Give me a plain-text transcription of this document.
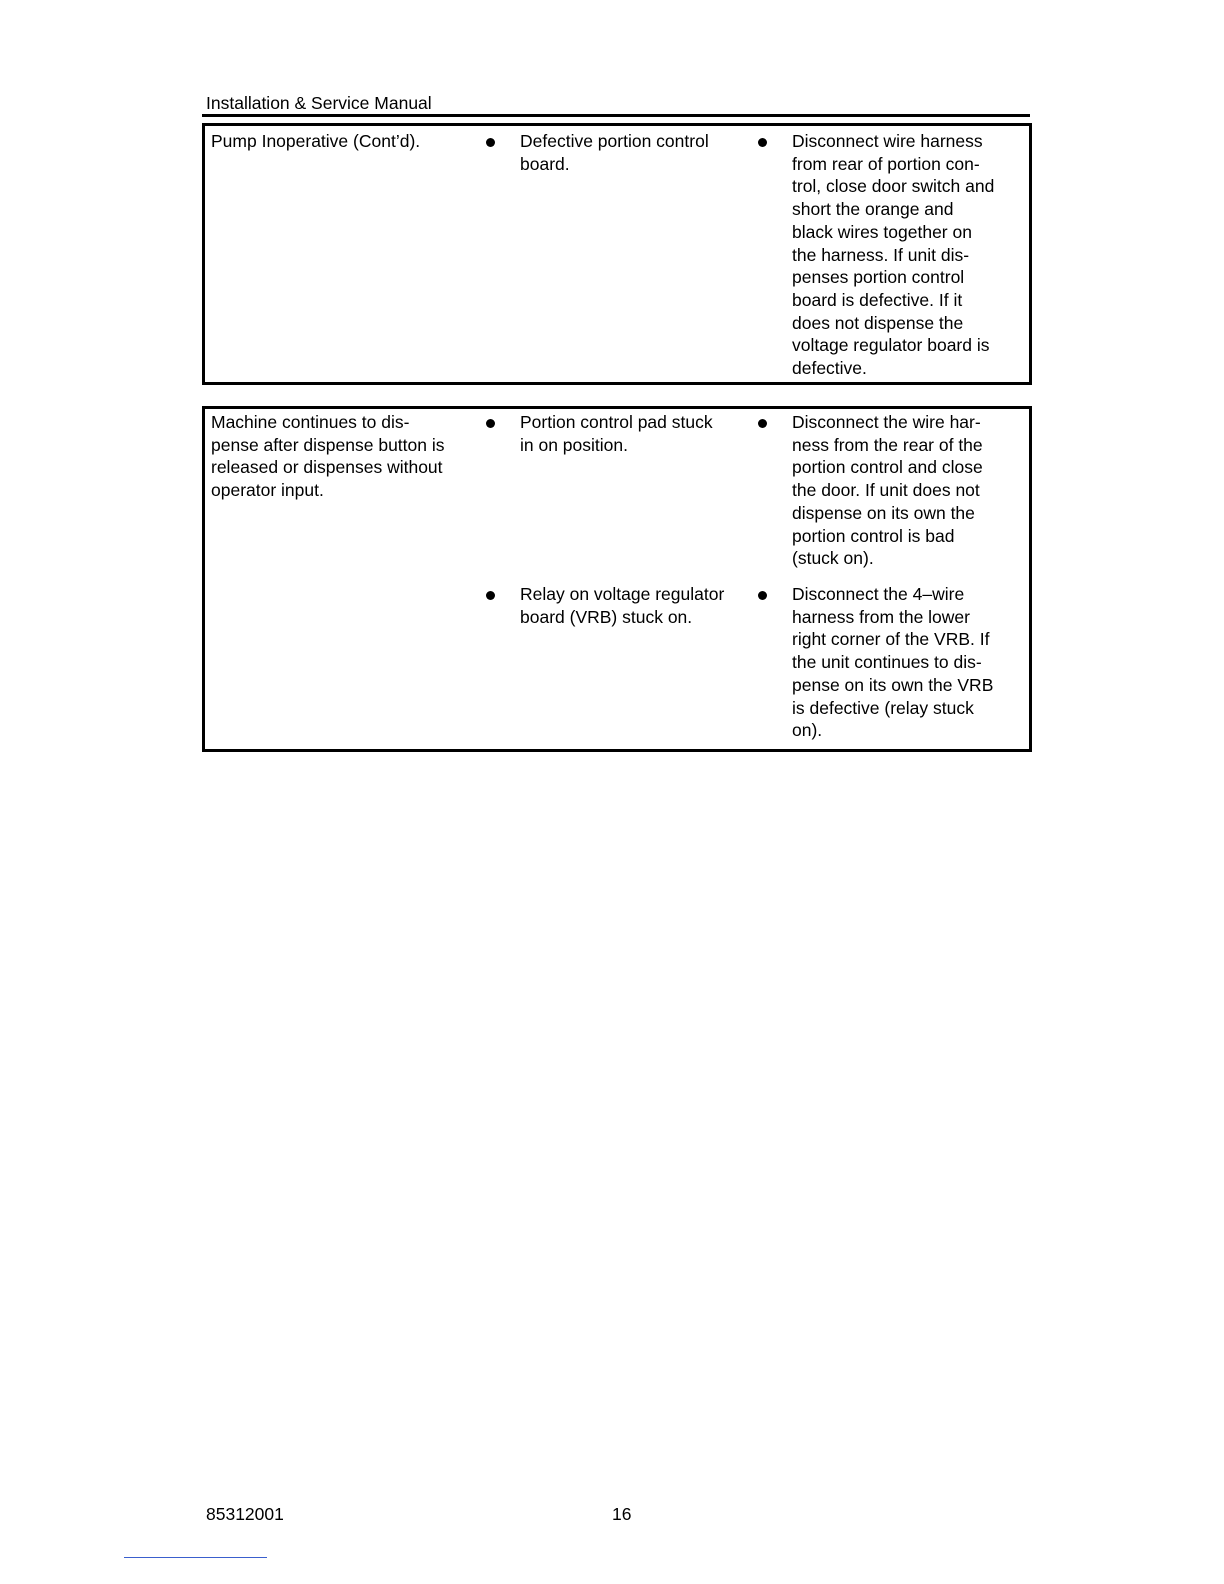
Installation & Service Manual
Pump Inoperative (Cont’d).	Defective portion control
board.
Disconnect wire harness
from rear of portion con-
trol, close door switch and
short the orange and
black wires together on
the harness. If unit dis-
penses portion control
board is defective. If it
does not dispense the
voltage regulator board is
defective.
Machine continues to dis-
pense after dispense button is
released or dispenses without
operator input.
Portion control pad stuck
in on position.
Disconnect the wire har-
ness from the rear of the
portion control and close
the door. If unit does not
dispense on its own the
portion control is bad
(stuck on).
Relay on voltage regulator
board (VRB) stuck on.
Disconnect the 4–wire
harness from the lower
right corner of the VRB. If
the unit continues to dis-
pense on its own the VRB
is defective (relay stuck
on).
85312001	16
